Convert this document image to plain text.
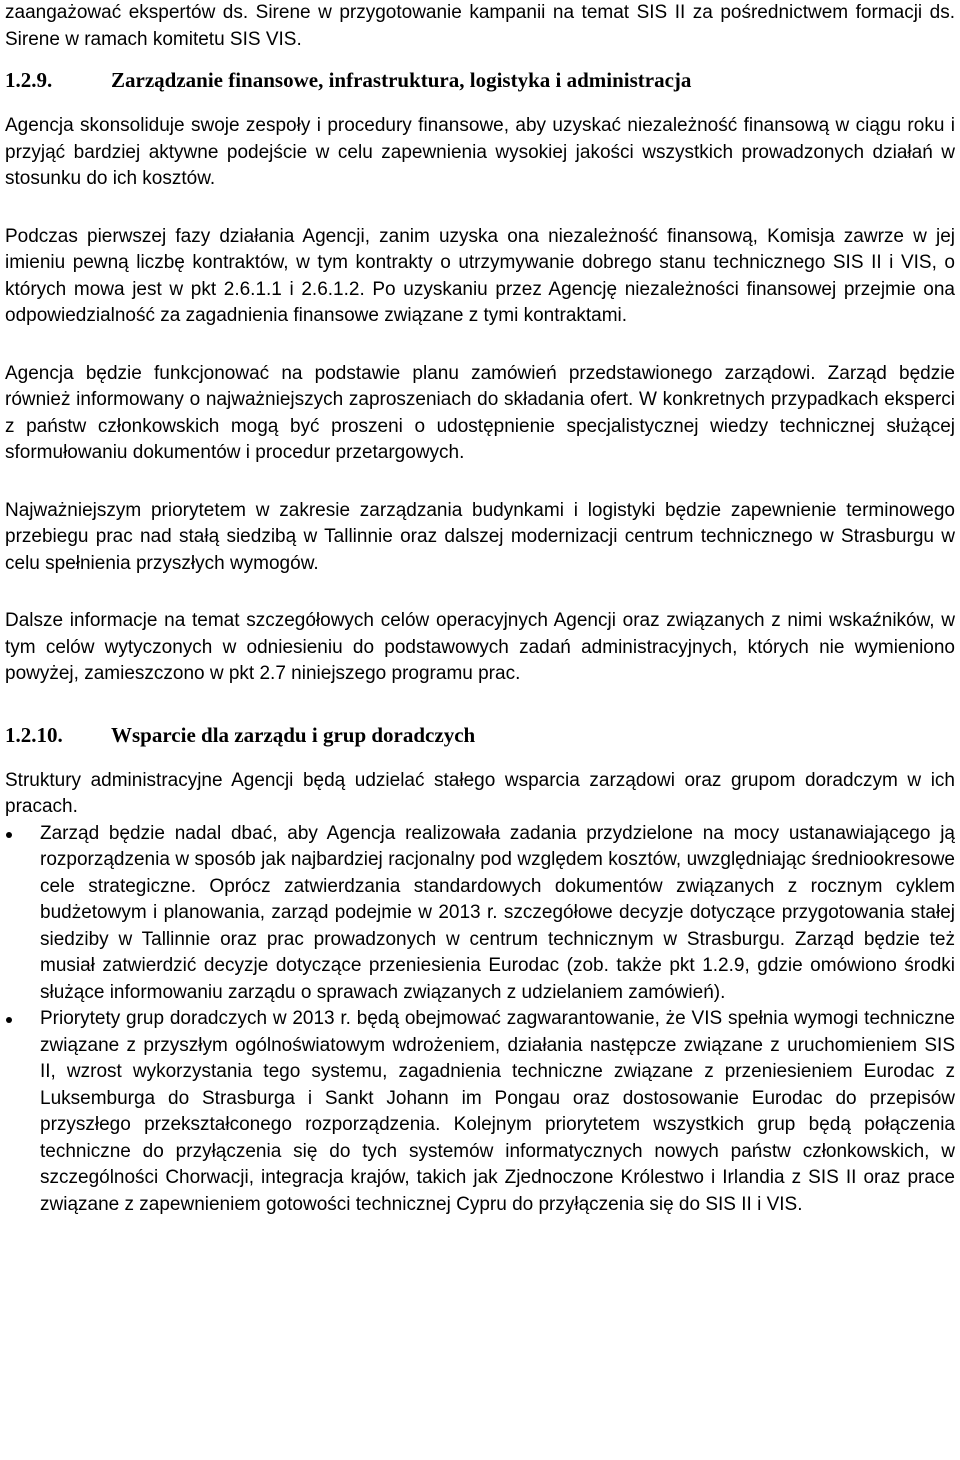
zaangażować ekspertów ds. Sirene w przygotowanie kampanii na temat SIS II za pośrednictwem formacji ds. Sirene w ramach komitetu SIS VIS.

1.2.9.	Zarządzanie finansowe, infrastruktura, logistyka i administracja

Agencja skonsoliduje swoje zespoły i procedury finansowe, aby uzyskać niezależność finansową w ciągu roku i przyjąć bardziej aktywne podejście w celu zapewnienia wysokiej jakości wszystkich prowadzonych działań w stosunku do ich kosztów.

Podczas pierwszej fazy działania Agencji, zanim uzyska ona niezależność finansową, Komisja zawrze w jej imieniu pewną liczbę kontraktów, w tym kontrakty o utrzymywanie dobrego stanu technicznego SIS II i VIS, o których mowa jest w pkt 2.6.1.1 i 2.6.1.2. Po uzyskaniu przez Agencję niezależności finansowej przejmie ona odpowiedzialność za zagadnienia finansowe związane z tymi kontraktami.

Agencja będzie funkcjonować na podstawie planu zamówień przedstawionego zarządowi. Zarząd będzie również informowany o najważniejszych zaproszeniach do składania ofert. W konkretnych przypadkach eksperci z państw członkowskich mogą być proszeni o udostępnienie specjalistycznej wiedzy technicznej służącej sformułowaniu dokumentów i procedur przetargowych.

Najważniejszym priorytetem w zakresie zarządzania budynkami i logistyki będzie zapewnienie terminowego przebiegu prac nad stałą siedzibą w Tallinnie oraz dalszej modernizacji centrum technicznego w Strasburgu w celu spełnienia przyszłych wymogów.

Dalsze informacje na temat szczegółowych celów operacyjnych Agencji oraz związanych z nimi wskaźników, w tym celów wytyczonych w odniesieniu do podstawowych zadań administracyjnych, których nie wymieniono powyżej, zamieszczono w pkt 2.7 niniejszego programu prac.

1.2.10.	Wsparcie dla zarządu i grup doradczych

Struktury administracyjne Agencji będą udzielać stałego wsparcia zarządowi oraz grupom doradczym w ich pracach.

Zarząd będzie nadal dbać, aby Agencja realizowała zadania przydzielone na mocy ustanawiającego ją rozporządzenia w sposób jak najbardziej racjonalny pod względem kosztów, uwzględniając średniookresowe cele strategiczne. Oprócz zatwierdzania standardowych dokumentów związanych z rocznym cyklem budżetowym i planowania, zarząd podejmie w 2013 r. szczegółowe decyzje dotyczące przygotowania stałej siedziby w Tallinnie oraz prac prowadzonych w centrum technicznym w Strasburgu. Zarząd będzie też musiał zatwierdzić decyzje dotyczące przeniesienia Eurodac (zob. także pkt 1.2.9, gdzie omówiono środki służące informowaniu zarządu o sprawach związanych z udzielaniem zamówień).
Priorytety grup doradczych w 2013 r. będą obejmować zagwarantowanie, że VIS spełnia wymogi techniczne związane z przyszłym ogólnoświatowym wdrożeniem, działania następcze związane z uruchomieniem SIS II, wzrost wykorzystania tego systemu, zagadnienia techniczne związane z przeniesieniem Eurodac z Luksemburga do Strasburga i Sankt Johann im Pongau oraz dostosowanie Eurodac do przepisów przyszłego przekształconego rozporządzenia. Kolejnym priorytetem wszystkich grup będą połączenia techniczne do przyłączenia się do tych systemów informatycznych nowych państw członkowskich, w szczególności Chorwacji, integracja krajów, takich jak Zjednoczone Królestwo i Irlandia z SIS II oraz prace związane z zapewnieniem gotowości technicznej Cypru do przyłączenia się do SIS II i VIS.
